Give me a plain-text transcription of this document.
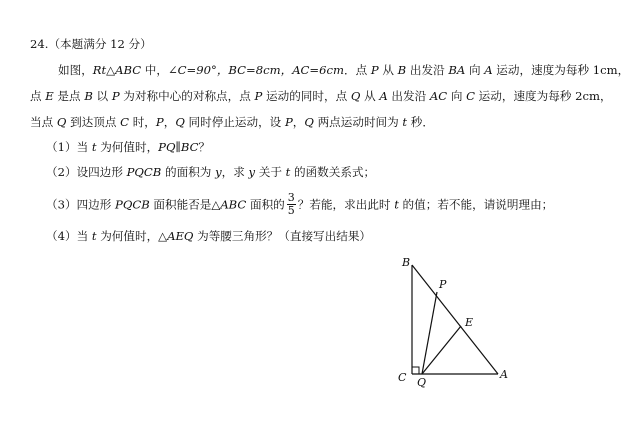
24.（本题满分 12 分）
如图，Rt△ABC 中，∠C=90°，BC=8cm，AC=6cm．点 P 从 B 出发沿 BA 向 A 运动，速度为每秒 1cm，
点 E 是点 B 以 P 为对称中心的对称点，点 P 运动的同时，点 Q 从 A 出发沿 AC 向 C 运动，速度为每秒 2cm，
当点 Q 到达顶点 C 时，P，Q 同时停止运动，设 P，Q 两点运动时间为 t 秒．
（1）当 t 为何值时，PQ∥BC？
（2）设四边形 PQCB 的面积为 y，求 y 关于 t 的函数关系式；
（3）四边形 PQCB 面积能否是△ABC 面积的 $\frac{3}{5}$ ？若能，求出此时 t 的值；若不能，请说明理由；
（4）当 t 为何值时，△AEQ 为等腰三角形？（直接写出结果）
B
P
E
C Q
A
